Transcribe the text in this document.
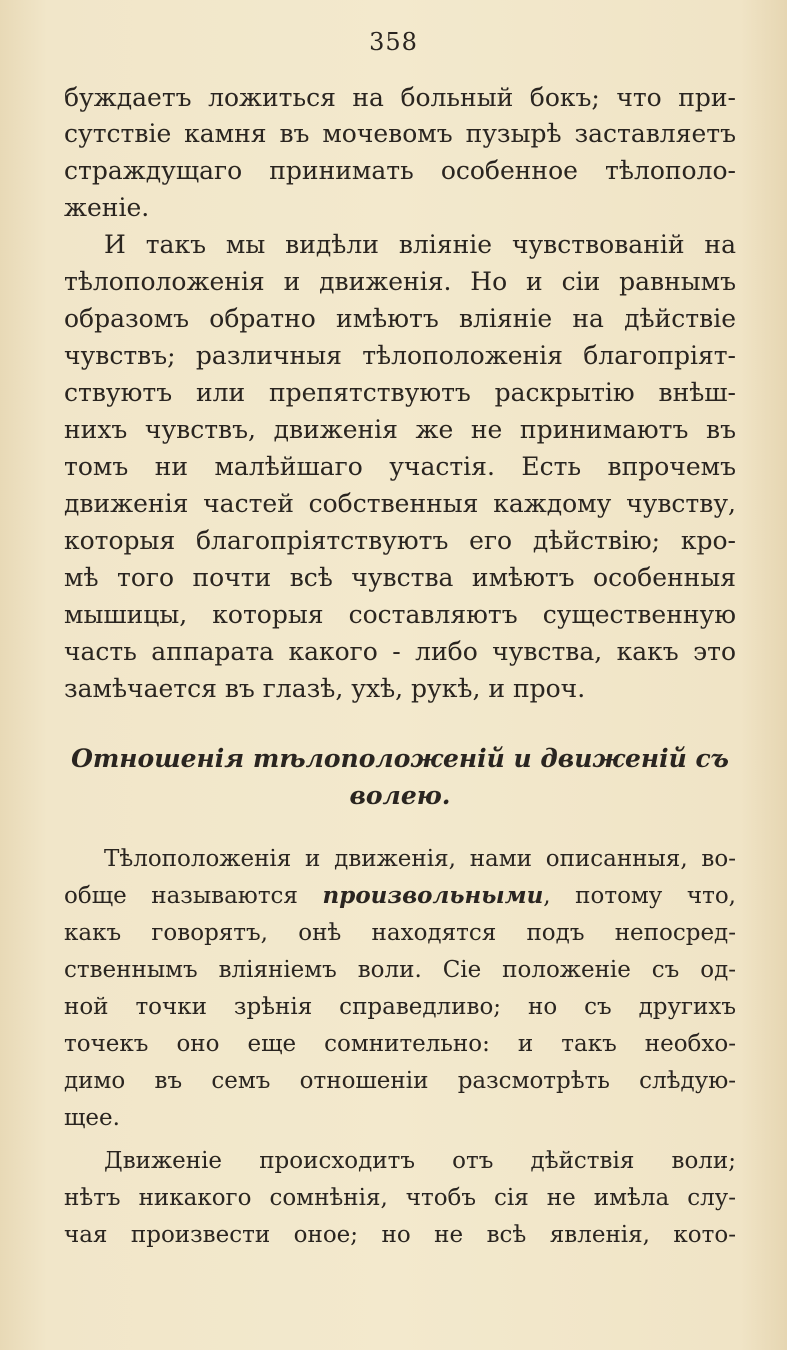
358
буждаетъ ложиться на больный бокъ; что при-
сутствіе камня въ мочевомъ пузырѣ заставляетъ
страждущаго принимать особенное тѣлополо-
женіе.
И такъ мы видѣли вліяніе чувствованій на
тѣлоположенія и движенія. Но и сіи равнымъ
образомъ обратно имѣютъ вліяніе на дѣйствіе
чувствъ; различныя тѣлоположенія благопріят-
ствуютъ или препятствуютъ раскрытію внѣш-
нихъ чувствъ, движенія же не принимаютъ въ
томъ ни малѣйшаго участія. Есть впрочемъ
движенія частей собственныя каждому чувству,
которыя благопріятствуютъ его дѣйствію; кро-
мѣ того почти всѣ чувства имѣютъ особенныя
мышицы, которыя составляютъ существенную
часть аппарата какого - либо чувства, какъ это
замѣчается въ глазѣ, ухѣ, рукѣ, и проч.
Отношенія тѣлоположеній и движеній съ
волею.
Тѣлоположенія и движенія, нами описанныя, во-
обще называются произвольными, потому что,
какъ говорятъ, онѣ находятся подъ непосред-
ственнымъ вліяніемъ воли. Сіе положеніе съ од-
ной точки зрѣнія справедливо; но съ другихъ
точекъ оно еще сомнительно: и такъ необхо-
димо въ семъ отношеніи разсмотрѣть слѣдую-
щее.
Движеніе происходитъ отъ дѣйствія воли;
нѣтъ никакого сомнѣнія, чтобъ сія не имѣла слу-
чая произвести оное; но не всѣ явленія, кото-
